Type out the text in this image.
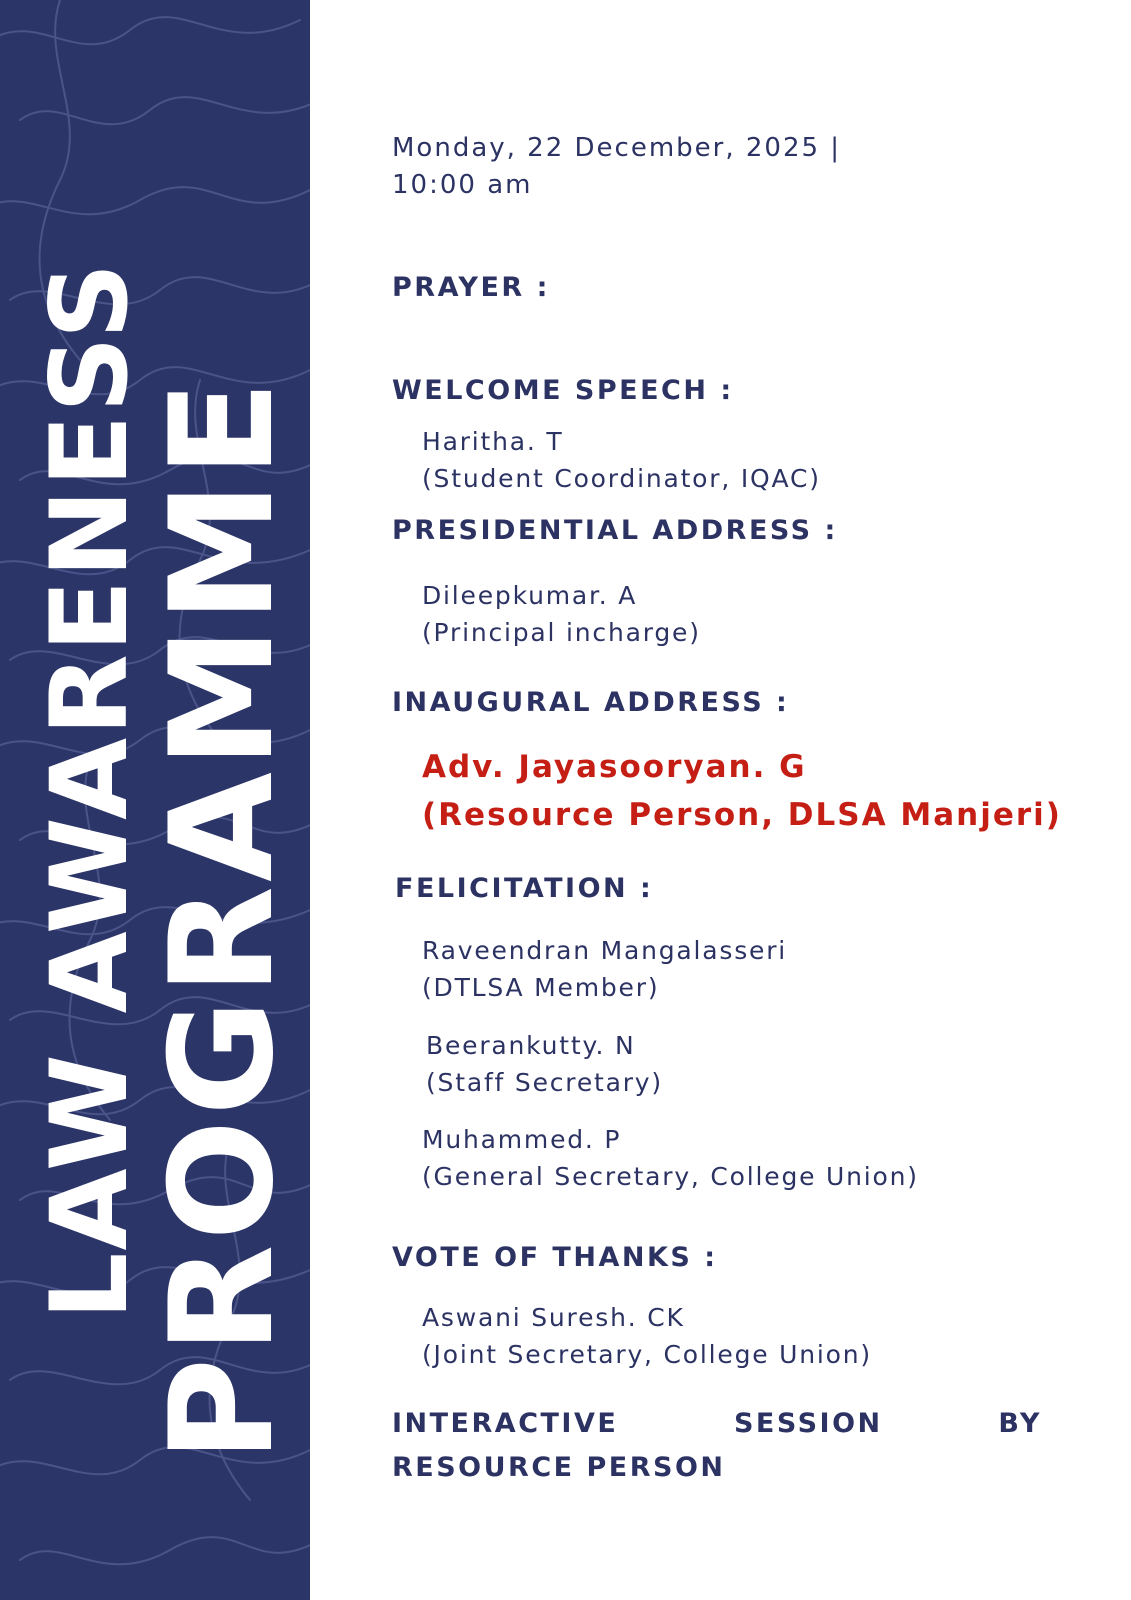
LAW AWARENESS
PROGRAMME
Monday, 22 December, 2025 |
10:00 am
PRAYER :
WELCOME SPEECH :
Haritha. T
(Student Coordinator, IQAC)
PRESIDENTIAL ADDRESS :
Dileepkumar. A
(Principal incharge)
INAUGURAL ADDRESS :
Adv. Jayasooryan. G
(Resource Person, DLSA Manjeri)
FELICITATION :
Raveendran Mangalasseri
(DTLSA Member)
Beerankutty. N
(Staff Secretary)
Muhammed. P
(General Secretary, College Union)
VOTE OF THANKS :
Aswani Suresh. CK
(Joint Secretary, College Union)
INTERACTIVE	SESSION	BY
RESOURCE PERSON
